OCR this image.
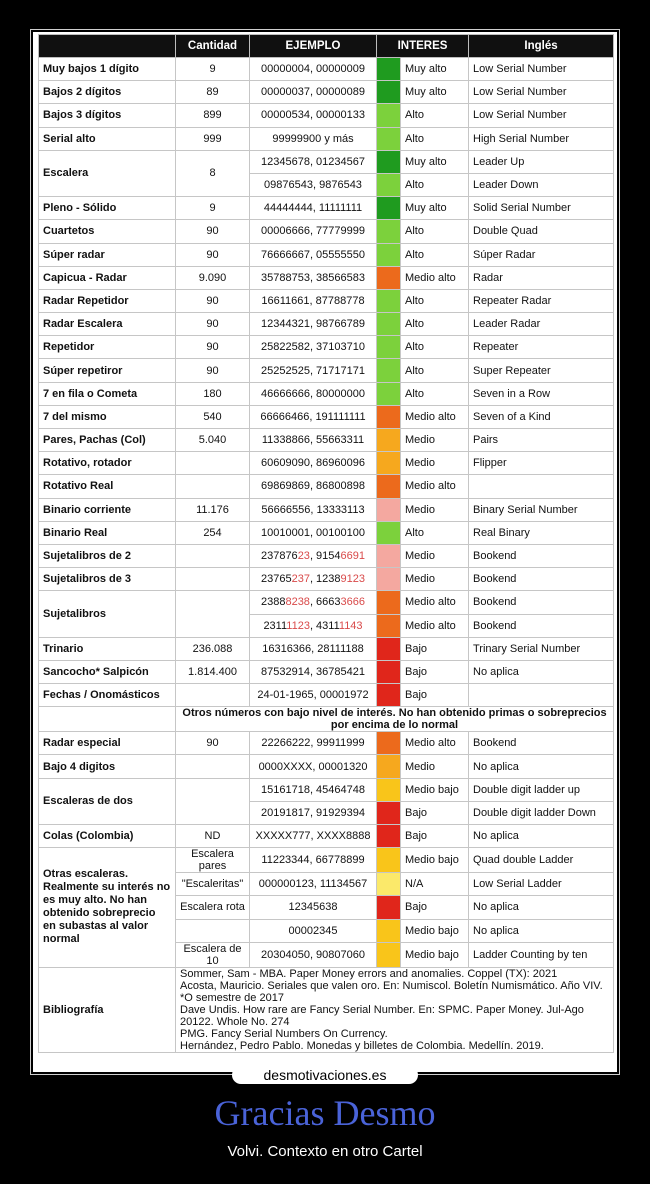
	Cantidad	EJEMPLO	INTERES		Inglés
Muy bajos 1 dígito	9	00000004, 00000009		Muy alto	Low Serial Number
Bajos 2 dígitos	89	00000037, 00000089		Muy alto	Low Serial Number
Bajos 3 dígitos	899	00000534, 00000133		Alto	Low Serial Number
Serial alto	999	99999900 y más		Alto	High Serial Number
Escalera	8	12345678, 01234567		Muy alto	Leader Up
		09876543, 9876543		Alto	Leader Down
Pleno - Sólido	9	44444444, 11111111		Muy alto	Solid Serial Number
Cuartetos	90	00006666, 77779999		Alto	Double Quad
Súper radar	90	76666667, 05555550		Alto	Súper Radar
Capicua - Radar	9.090	35788753, 38566583		Medio alto	Radar
Radar Repetidor	90	16611661, 87788778		Alto	Repeater Radar
Radar Escalera	90	12344321, 98766789		Alto	Leader Radar
Repetidor	90	25822582, 37103710		Alto	Repeater
Súper repetiror	90	25252525, 71717171		Alto	Super Repeater
7 en fila o Cometa	180	46666666, 80000000		Alto	Seven in a Row
7 del mismo	540	66666466, 191111111		Medio alto	Seven of a Kind
Pares, Pachas (Col)	5.040	11338866, 55663311		Medio	Pairs
Rotativo, rotador		60609090, 86960096		Medio	Flipper
Rotativo Real		69869869, 86800898		Medio alto	
Binario corriente	11.176	56666556, 13333113		Medio	Binary Serial Number
Binario Real	254	10010001, 00100100		Alto	Real Binary
Sujetalibros de 2		23787623, 91546691		Medio	Bookend
Sujetalibros de 3		23765237, 12389123		Medio	Bookend
Sujetalibros		23888238, 66633666		Medio alto	Bookend
		23111123, 43111143		Medio alto	Bookend
Trinario	236.088	16316366, 28111188		Bajo	Trinary Serial Number
Sancocho* Salpicón	1.814.400	87532914, 36785421		Bajo	No aplica
Fechas / Onomásticos		24-01-1965, 00001972		Bajo	
	Otros números con bajo nivel de interés. No han obtenido primas o sobreprecios por encima de lo normal				
Radar especial	90	22266222, 99911999		Medio alto	Bookend
Bajo 4 digitos		0000XXXX, 00001320		Medio	No aplica
Escaleras de dos		15161718, 45464748		Medio bajo	Double digit ladder up
		20191817, 91929394		Bajo	Double digit ladder Down
Colas (Colombia)	ND	XXXXX777, XXXX8888		Bajo	No aplica
Otras escaleras. Realmente su interés no es muy alto. No han obtenido sobreprecio en subastas al valor normal	Escalera pares	11223344, 66778899		Medio bajo	Quad double Ladder
	"Escaleritas"	000000123, 11134567		N/A	Low Serial Ladder
	Escalera rota	12345638		Bajo	No aplica
		00002345		Medio bajo	No aplica
	Escalera de 10	20304050, 90807060		Medio bajo	Ladder Counting by ten
Bibliografía	Sommer, Sam - MBA. Paper Money errors and anomalies. Coppel (TX): 2021
Acosta, Mauricio. Seriales que valen oro. En: Numiscol. Boletín Numismático. Año VIV. *O semestre de 2017
Dave Undis. How rare are Fancy Serial Number. En: SPMC. Paper Money. Jul-Ago 20122. Whole No. 274
PMG. Fancy Serial Numbers On Currency.
Hernández, Pedro Pablo. Monedas y billetes de Colombia. Medellín. 2019.				
desmotivaciones.es
Gracias Desmo
Volvi. Contexto en otro Cartel
